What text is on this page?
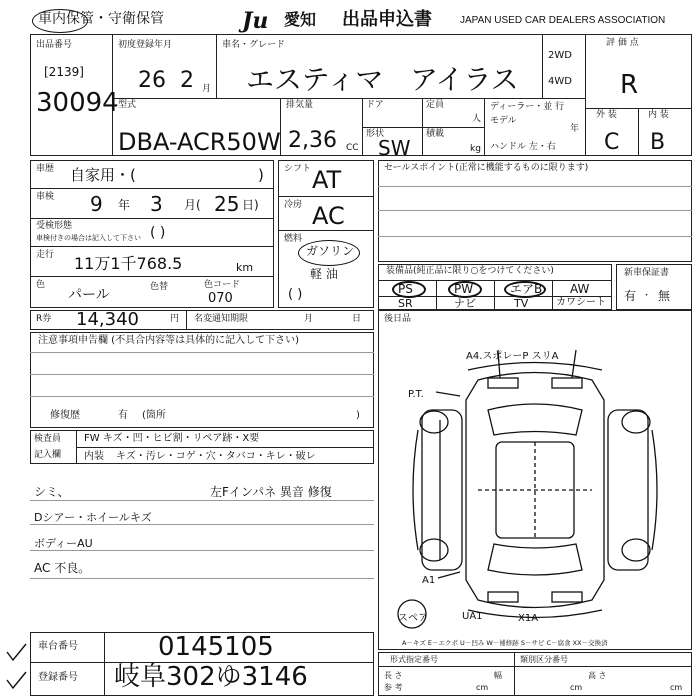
車内保管・守衛保管	Ju 愛知 出品申込書	JAPAN USED CAR DEALERS ASSOCIATION
出品番号
[2139]
30094
初度登録年月
26 2 月
車名・グレード
エスティマ アイラス
2WD
4WD
評 価 点
R
外 装	内 装
C B
型式
DBA-ACR50W
排気量
2,36 CC
ドア
形状
SW
定員
人
積載
kg
ディーラー・並 行
モデル
年
ハンドル 左・右
車歴 自家用・(	)
車検 9 年 3 月( 25 日)
受検形態
車検付きの場合は記入して下さい ( )
走行 11万1千768.5	km
色
パール	色替	色コード
070
シフト AT
冷房 AC
燃料
ガソリン
軽 油
( )
セールスポイント(正常に機能するものに限ります)
装備品(純正品に限り○をつけてください)
PS	PW	エアB AW
SR	ナビ	TV	カワシート
新車保証書
有 ・ 無
R券 14,340	円 名変通知期限	月	日	後日品
注意事項申告欄 (不具合内容等は具体的に記入して下さい)
修復歴	有 (箇所	)
検査員
記入欄
FW キズ・凹・ヒビ割・リペア跡・X要
内装 キズ・汚レ・コゲ・穴・タバコ・キレ・破レ
シミ、
Dシアー・ホイールキズ
ボディーAU
AC 不良。
左Fインパネ 異音 修復
A4.スポレーP スリA
P.T.
A1
スペア	UA1	X1A
A－キズ E－エクボ U－凹み W－補修跡 S－サビ C－腐食 XX－交換済
車台番号	0145105
登録番号 岐阜302ゆ3146
形式指定番号	類別区分番号
長 さ	幅	高 さ
参 考	cm	cm	cm
